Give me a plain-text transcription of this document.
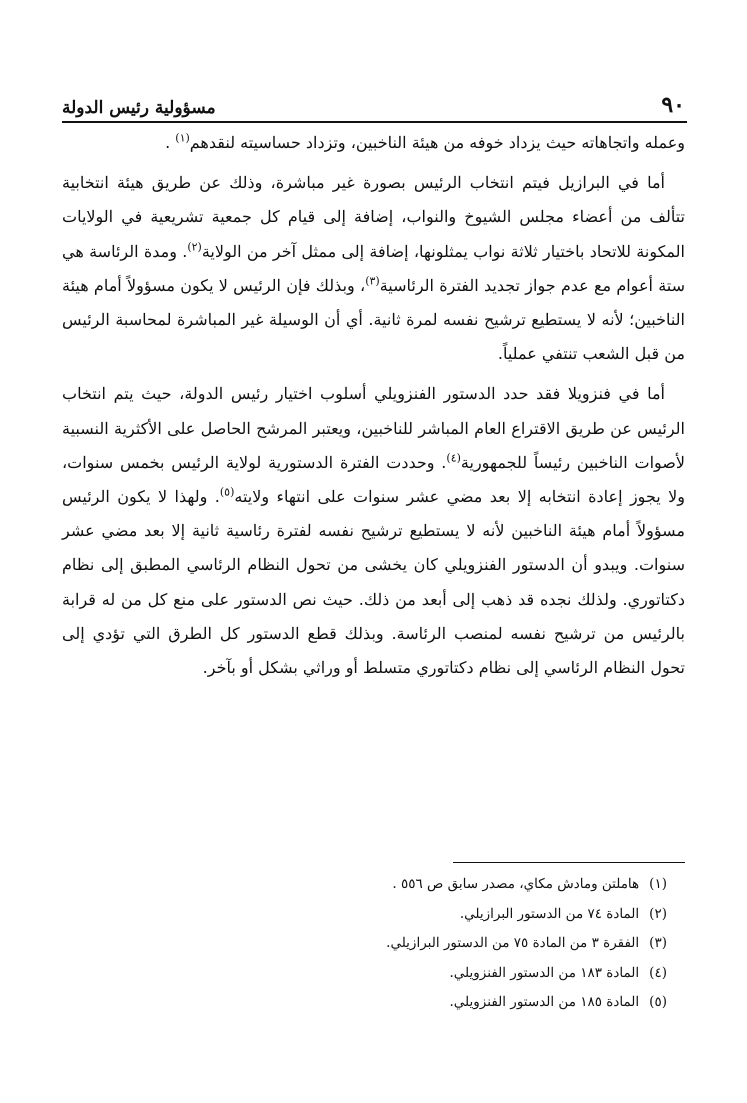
٩٠
مسؤولية رئيس الدولة

وعمله واتجاهاته حيث يزداد خوفه من هيئة الناخبين، وتزداد حساسيته لنقدهم$^{(١)}$ .

أما في البرازيل فيتم انتخاب الرئيس بصورة غير مباشرة، وذلك عن طريق هيئة انتخابية تتألف من أعضاء مجلس الشيوخ والنواب، إضافة إلى قيام كل جمعية تشريعية في الولايات المكونة للاتحاد باختيار ثلاثة نواب يمثلونها، إضافة إلى ممثل آخر من الولاية$^{(٢)}$. ومدة الرئاسة هي ستة أعوام مع عدم جواز تجديد الفترة الرئاسية$^{(٣)}$، وبذلك فإن الرئيس لا يكون مسؤولاً أمام هيئة الناخبين؛ لأنه لا يستطيع ترشيح نفسه لمرة ثانية. أي أن الوسيلة غير المباشرة لمحاسبة الرئيس من قبل الشعب تنتفي عملياً.

أما في فنزويلا فقد حدد الدستور الفنزويلي أسلوب اختيار رئيس الدولة، حيث يتم انتخاب الرئيس عن طريق الاقتراع العام المباشر للناخبين، ويعتبر المرشح الحاصل على الأكثرية النسبية لأصوات الناخبين رئيساً للجمهورية$^{(٤)}$. وحددت الفترة الدستورية لولاية الرئيس بخمس سنوات، ولا يجوز إعادة انتخابه إلا بعد مضي عشر سنوات على انتهاء ولايته$^{(٥)}$. ولهذا لا يكون الرئيس مسؤولاً أمام هيئة الناخبين لأنه لا يستطيع ترشيح نفسه لفترة رئاسية ثانية إلا بعد مضي عشر سنوات. ويبدو أن الدستور الفنزويلي كان يخشى من تحول النظام الرئاسي المطبق إلى نظام دكتاتوري. ولذلك نجده قد ذهب إلى أبعد من ذلك. حيث نص الدستور على منع كل من له قرابة بالرئيس من ترشيح نفسه لمنصب الرئاسة. وبذلك قطع الدستور كل الطرق التي تؤدي إلى تحول النظام الرئاسي إلى نظام دكتاتوري متسلط أو وراثي بشكل أو بآخر.

(١)هاملتن ومادش مكاي، مصدر سابق ص ٥٥٦ .

(٢)المادة ٧٤ من الدستور البرازيلي.

(٣)الفقرة ٣ من المادة ٧٥ من الدستور البرازيلي.

(٤)المادة ١٨٣ من الدستور الفنزويلي.

(٥)المادة ١٨٥ من الدستور الفنزويلي.
